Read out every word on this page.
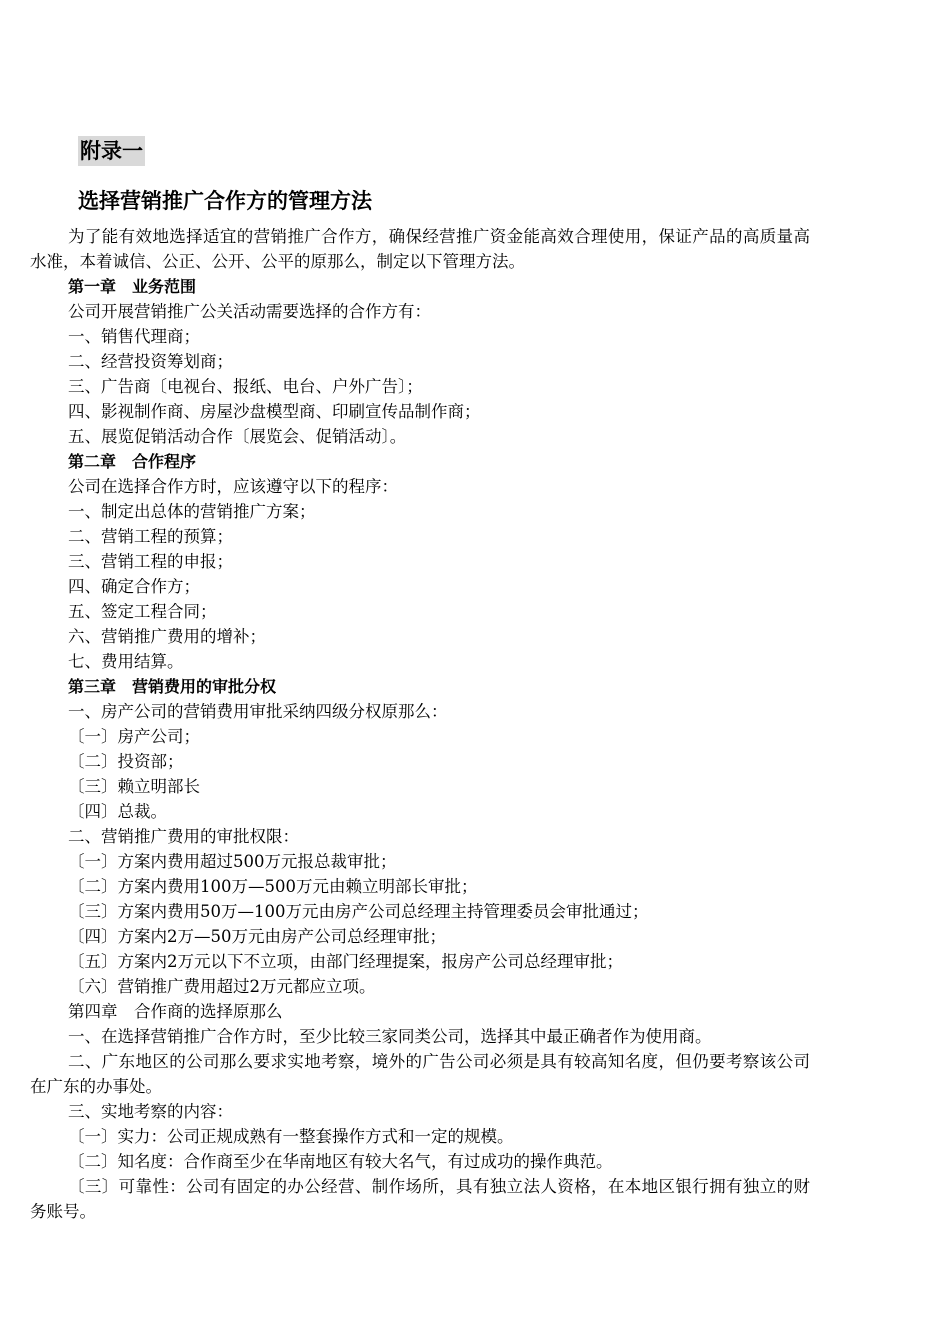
附录一
选择营销推广合作方的管理方法

为了能有效地选择适宜的营销推广合作方，确保经营推广资金能高效合理使用，保证产品的高质量高水准，本着诚信、公正、公开、公平的原那么，制定以下管理方法。

第一章　业务范围

公司开展营销推广公关活动需要选择的合作方有：

一、销售代理商；

二、经营投资筹划商；

三、广告商〔电视台、报纸、电台、户外广告〕；

四、影视制作商、房屋沙盘模型商、印刷宣传品制作商；

五、展览促销活动合作〔展览会、促销活动〕。

第二章　合作程序

公司在选择合作方时，应该遵守以下的程序：

一、制定出总体的营销推广方案；

二、营销工程的预算；

三、营销工程的申报；

四、确定合作方；

五、签定工程合同；

六、营销推广费用的增补；

七、费用结算。

第三章　营销费用的审批分权

一、房产公司的营销费用审批采纳四级分权原那么：

〔一〕房产公司；

〔二〕投资部；

〔三〕赖立明部长

〔四〕总裁。

二、营销推广费用的审批权限：

〔一〕方案内费用超过500万元报总裁审批；

〔二〕方案内费用100万—500万元由赖立明部长审批；

〔三〕方案内费用50万—100万元由房产公司总经理主持管理委员会审批通过；

〔四〕方案内2万—50万元由房产公司总经理审批；

〔五〕方案内2万元以下不立项，由部门经理提案，报房产公司总经理审批；

〔六〕营销推广费用超过2万元都应立项。

第四章　合作商的选择原那么

一、在选择营销推广合作方时，至少比较三家同类公司，选择其中最正确者作为使用商。

二、广东地区的公司那么要求实地考察，境外的广告公司必须是具有较高知名度，但仍要考察该公司在广东的办事处。

三、实地考察的内容：

〔一〕实力：公司正规成熟有一整套操作方式和一定的规模。

〔二〕知名度：合作商至少在华南地区有较大名气，有过成功的操作典范。

〔三〕可靠性：公司有固定的办公经营、制作场所，具有独立法人资格，在本地区银行拥有独立的财务账号。
